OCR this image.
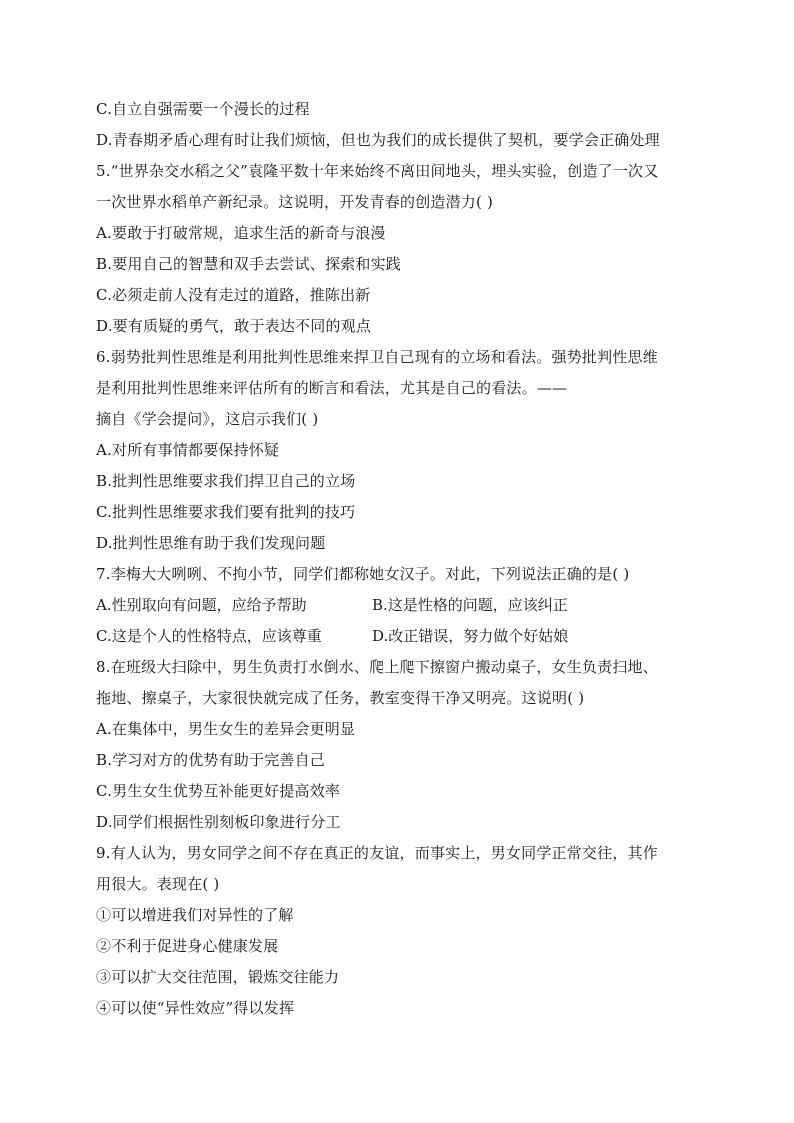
C.自立自强需要一个漫长的过程
D.青春期矛盾心理有时让我们烦恼，但也为我们的成长提供了契机，要学会正确处理
5.“世界杂交水稻之父”袁隆平数十年来始终不离田间地头，埋头实验，创造了一次又
一次世界水稻单产新纪录。这说明，开发青春的创造潜力( )
A.要敢于打破常规，追求生活的新奇与浪漫
B.要用自己的智慧和双手去尝试、探索和实践
C.必须走前人没有走过的道路，推陈出新
D.要有质疑的勇气，敢于表达不同的观点
6.弱势批判性思维是利用批判性思维来捍卫自己现有的立场和看法。强势批判性思维
是利用批判性思维来评估所有的断言和看法，尤其是自己的看法。——
摘自《学会提问》，这启示我们( )
A.对所有事情都要保持怀疑
B.批判性思维要求我们捍卫自己的立场
C.批判性思维要求我们要有批判的技巧
D.批判性思维有助于我们发现问题
7.李梅大大咧咧、不拘小节，同学们都称她女汉子。对此，下列说法正确的是( )
A.性别取向有问题，应给予帮助	B.这是性格的问题，应该纠正
C.这是个人的性格特点，应该尊重	D.改正错误，努力做个好姑娘
8.在班级大扫除中，男生负责打水倒水、爬上爬下擦窗户搬动桌子，女生负责扫地、
拖地、擦桌子，大家很快就完成了任务，教室变得干净又明亮。这说明( )
A.在集体中，男生女生的差异会更明显
B.学习对方的优势有助于完善自己
C.男生女生优势互补能更好提高效率
D.同学们根据性别刻板印象进行分工
9.有人认为，男女同学之间不存在真正的友谊，而事实上，男女同学正常交往，其作
用很大。表现在( )
①可以增进我们对异性的了解
②不利于促进身心健康发展
③可以扩大交往范围，锻炼交往能力
④可以使“异性效应”得以发挥
